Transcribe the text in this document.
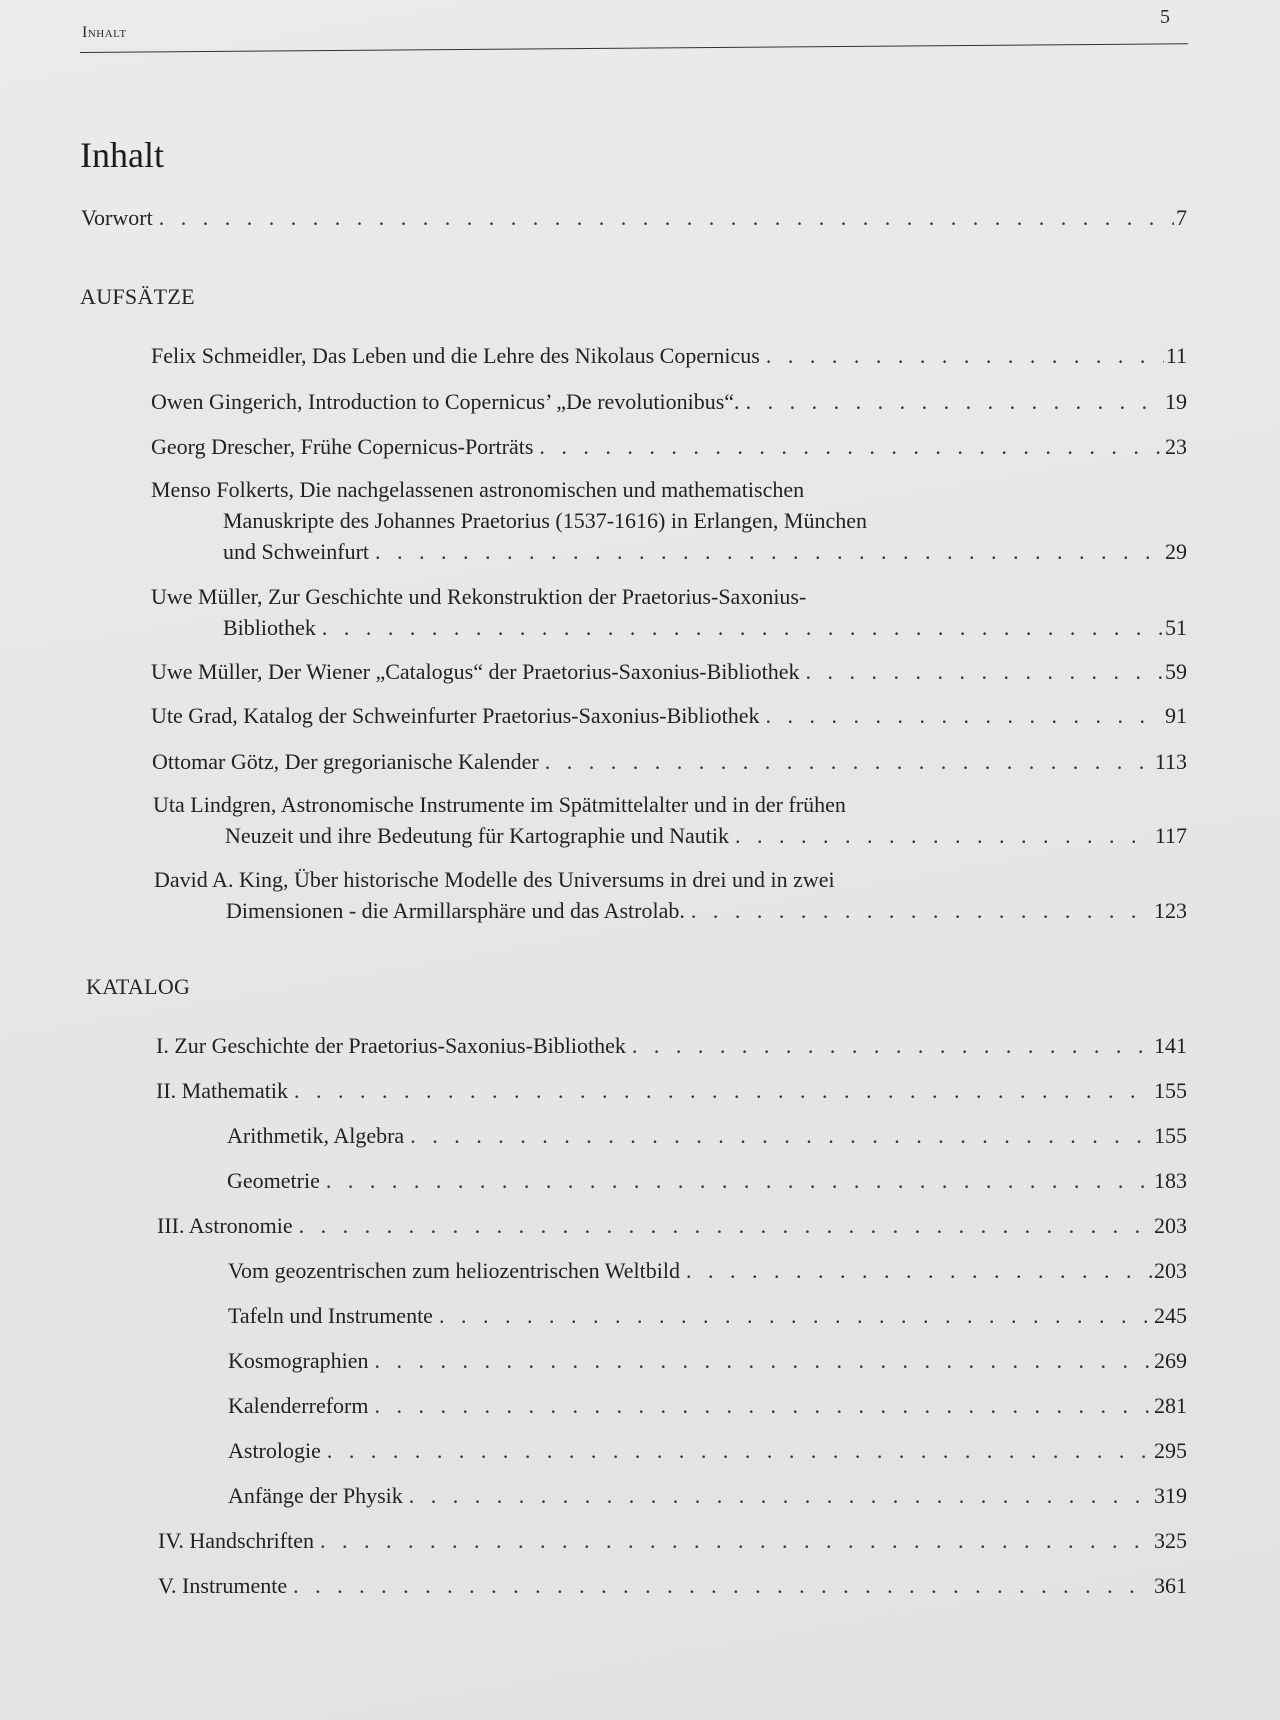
Inhalt
5
Inhalt
Vorwort . . .	7
AUFSÄTZE
Felix Schmeidler, Das Leben und die Lehre des Nikolaus Copernicus . . .	11
Owen Gingerich, Introduction to Copernicus’ „De revolutionibus“. . . .	19
Georg Drescher, Frühe Copernicus-Porträts . . .	23
Menso Folkerts, Die nachgelassenen astronomischen und mathematischen
Manuskripte des Johannes Praetorius (1537-1616) in Erlangen, München
und Schweinfurt . . .	29
Uwe Müller, Zur Geschichte und Rekonstruktion der Praetorius-Saxonius-
Bibliothek . . .	51
Uwe Müller, Der Wiener „Catalogus“ der Praetorius-Saxonius-Bibliothek . . .	59
Ute Grad, Katalog der Schweinfurter Praetorius-Saxonius-Bibliothek . . .	91
Ottomar Götz, Der gregorianische Kalender . . .	113
Uta Lindgren, Astronomische Instrumente im Spätmittelalter und in der frühen
Neuzeit und ihre Bedeutung für Kartographie und Nautik . . .	117
David A. King, Über historische Modelle des Universums in drei und in zwei
Dimensionen - die Armillarsphäre und das Astrolab. . . .	123
KATALOG
I. Zur Geschichte der Praetorius-Saxonius-Bibliothek . . .	141
II. Mathematik . . .	155
Arithmetik, Algebra . . .	155
Geometrie . . .	183
III. Astronomie . . .	203
Vom geozentrischen zum heliozentrischen Weltbild . . .	203
Tafeln und Instrumente . . .	245
Kosmographien . . .	269
Kalenderreform . . .	281
Astrologie . . .	295
Anfänge der Physik . . .	319
IV. Handschriften . . .	325
V. Instrumente . . .	361
